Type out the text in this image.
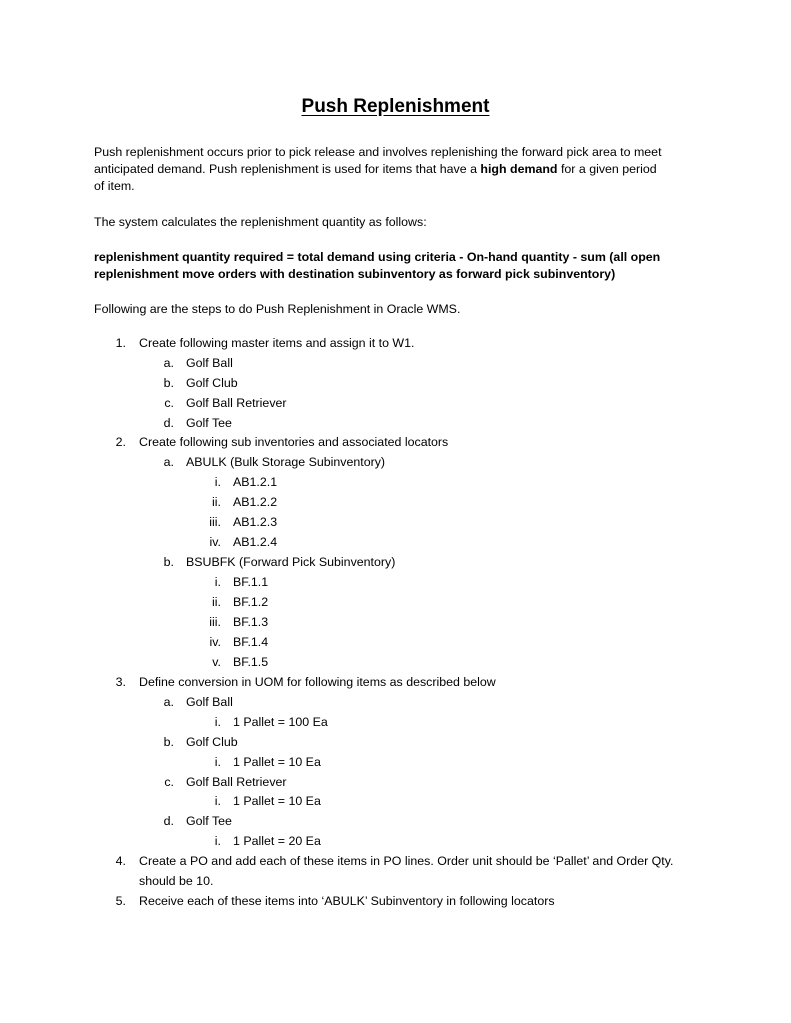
Push Replenishment
Push replenishment occurs prior to pick release and involves replenishing the forward pick area to meet
anticipated demand. Push replenishment is used for items that have a high demand for a given period
of item.
The system calculates the replenishment quantity as follows:
replenishment quantity required = total demand using criteria - On-hand quantity - sum (all open
replenishment move orders with destination subinventory as forward pick subinventory)
Following are the steps to do Push Replenishment in Oracle WMS.
1. Create following master items and assign it to W1.
a. Golf Ball
b. Golf Club
c. Golf Ball Retriever
d. Golf Tee
2. Create following sub inventories and associated locators
a. ABULK (Bulk Storage Subinventory)
i. AB1.2.1
ii. AB1.2.2
iii. AB1.2.3
iv. AB1.2.4
b. BSUBFK (Forward Pick Subinventory)
i. BF.1.1
ii. BF.1.2
iii. BF.1.3
iv. BF.1.4
v. BF.1.5
3. Define conversion in UOM for following items as described below
a. Golf Ball
i. 1 Pallet = 100 Ea
b. Golf Club
i. 1 Pallet = 10 Ea
c. Golf Ball Retriever
i. 1 Pallet = 10 Ea
d. Golf Tee
i. 1 Pallet = 20 Ea
4. Create a PO and add each of these items in PO lines. Order unit should be ‘Pallet’ and Order Qty.
should be 10.
5. Receive each of these items into ‘ABULK’ Subinventory in following locators
